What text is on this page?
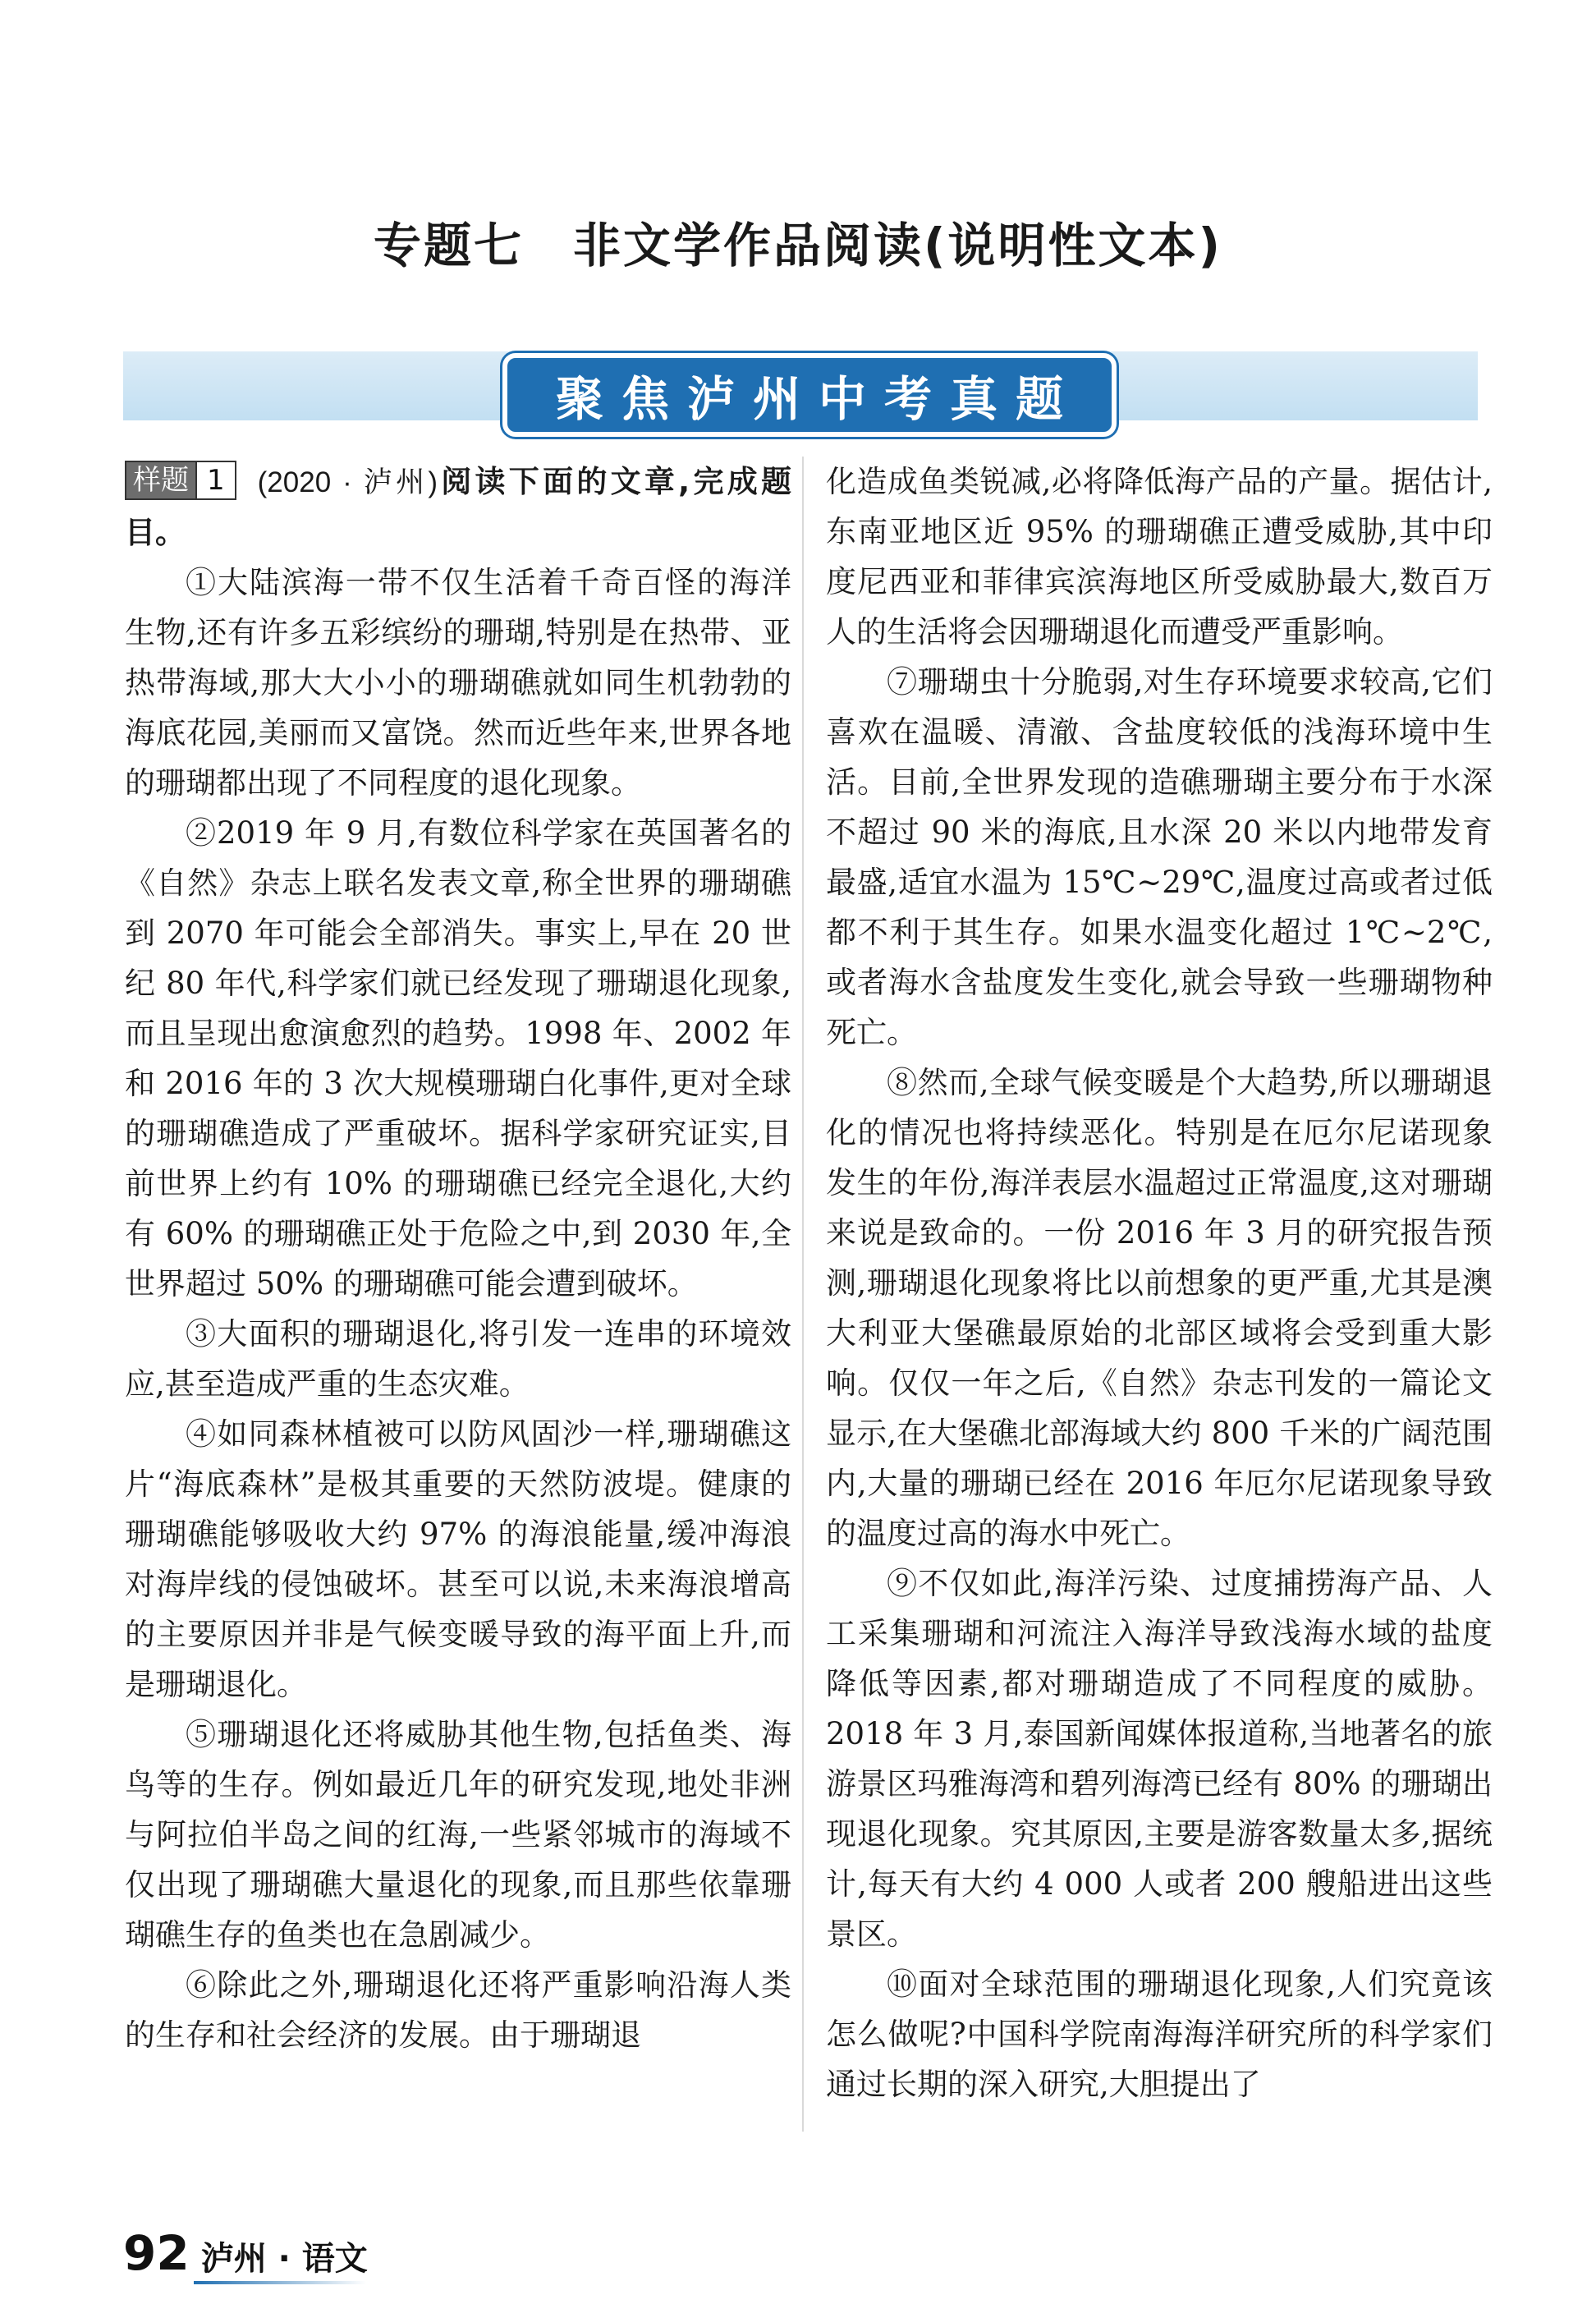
专题七 非文学作品阅读(说明性文本)
聚焦泸州中考真题

样题 1 (2020 · 泸州)阅读下面的文章,完成题目。

①大陆滨海一带不仅生活着千奇百怪的海洋生物,还有许多五彩缤纷的珊瑚,特别是在热带、亚热带海域,那大大小小的珊瑚礁就如同生机勃勃的海底花园,美丽而又富饶。然而近些年来,世界各地的珊瑚都出现了不同程度的退化现象。

②2019 年 9 月,有数位科学家在英国著名的《自然》杂志上联名发表文章,称全世界的珊瑚礁到 2070 年可能会全部消失。事实上,早在 20 世纪 80 年代,科学家们就已经发现了珊瑚退化现象,而且呈现出愈演愈烈的趋势。1998 年、2002 年和 2016 年的 3 次大规模珊瑚白化事件,更对全球的珊瑚礁造成了严重破坏。据科学家研究证实,目前世界上约有 10% 的珊瑚礁已经完全退化,大约有 60% 的珊瑚礁正处于危险之中,到 2030 年,全世界超过 50% 的珊瑚礁可能会遭到破坏。

③大面积的珊瑚退化,将引发一连串的环境效应,甚至造成严重的生态灾难。

④如同森林植被可以防风固沙一样,珊瑚礁这片“海底森林”是极其重要的天然防波堤。健康的珊瑚礁能够吸收大约 97% 的海浪能量,缓冲海浪对海岸线的侵蚀破坏。甚至可以说,未来海浪增高的主要原因并非是气候变暖导致的海平面上升,而是珊瑚退化。

⑤珊瑚退化还将威胁其他生物,包括鱼类、海鸟等的生存。例如最近几年的研究发现,地处非洲与阿拉伯半岛之间的红海,一些紧邻城市的海域不仅出现了珊瑚礁大量退化的现象,而且那些依靠珊瑚礁生存的鱼类也在急剧减少。

⑥除此之外,珊瑚退化还将严重影响沿海人类的生存和社会经济的发展。由于珊瑚退

化造成鱼类锐减,必将降低海产品的产量。据估计,东南亚地区近 95% 的珊瑚礁正遭受威胁,其中印度尼西亚和菲律宾滨海地区所受威胁最大,数百万人的生活将会因珊瑚退化而遭受严重影响。

⑦珊瑚虫十分脆弱,对生存环境要求较高,它们喜欢在温暖、清澈、含盐度较低的浅海环境中生活。目前,全世界发现的造礁珊瑚主要分布于水深不超过 90 米的海底,且水深 20 米以内地带发育最盛,适宜水温为 15℃~29℃,温度过高或者过低都不利于其生存。如果水温变化超过 1℃~2℃,或者海水含盐度发生变化,就会导致一些珊瑚物种死亡。

⑧然而,全球气候变暖是个大趋势,所以珊瑚退化的情况也将持续恶化。特别是在厄尔尼诺现象发生的年份,海洋表层水温超过正常温度,这对珊瑚来说是致命的。一份 2016 年 3 月的研究报告预测,珊瑚退化现象将比以前想象的更严重,尤其是澳大利亚大堡礁最原始的北部区域将会受到重大影响。仅仅一年之后,《自然》杂志刊发的一篇论文显示,在大堡礁北部海域大约 800 千米的广阔范围内,大量的珊瑚已经在 2016 年厄尔尼诺现象导致的温度过高的海水中死亡。

⑨不仅如此,海洋污染、过度捕捞海产品、人工采集珊瑚和河流注入海洋导致浅海水域的盐度降低等因素,都对珊瑚造成了不同程度的威胁。2018 年 3 月,泰国新闻媒体报道称,当地著名的旅游景区玛雅海湾和碧列海湾已经有 80% 的珊瑚出现退化现象。究其原因,主要是游客数量太多,据统计,每天有大约 4 000 人或者 200 艘船进出这些景区。

⑩面对全球范围的珊瑚退化现象,人们究竟该怎么做呢?中国科学院南海海洋研究所的科学家们通过长期的深入研究,大胆提出了

92 泸州 · 语文
